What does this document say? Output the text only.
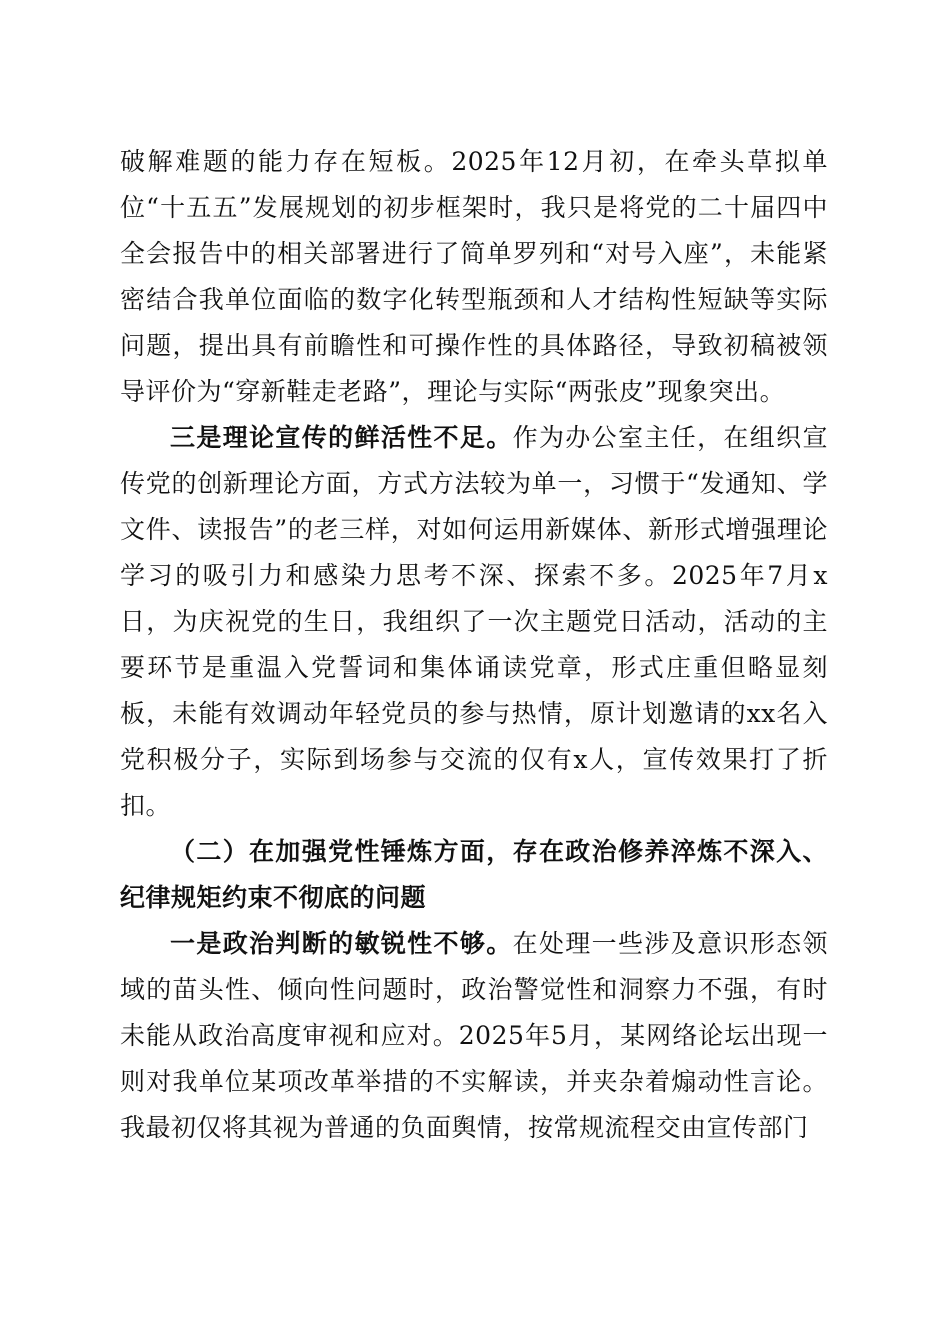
破解难题的能力存在短板。2025年12月初，在牵头草拟单位“十五五”发展规划的初步框架时，我只是将党的二十届四中全会报告中的相关部署进行了简单罗列和“对号入座”，未能紧密结合我单位面临的数字化转型瓶颈和人才结构性短缺等实际问题，提出具有前瞻性和可操作性的具体路径，导致初稿被领导评价为“穿新鞋走老路”，理论与实际“两张皮”现象突出。

三是理论宣传的鲜活性不足。作为办公室主任，在组织宣传党的创新理论方面，方式方法较为单一，习惯于“发通知、学文件、读报告”的老三样，对如何运用新媒体、新形式增强理论学习的吸引力和感染力思考不深、探索不多。2025年7月x日，为庆祝党的生日，我组织了一次主题党日活动，活动的主要环节是重温入党誓词和集体诵读党章，形式庄重但略显刻板，未能有效调动年轻党员的参与热情，原计划邀请的xx名入党积极分子，实际到场参与交流的仅有x人，宣传效果打了折扣。

（二）在加强党性锤炼方面，存在政治修养淬炼不深入、纪律规矩约束不彻底的问题

一是政治判断的敏锐性不够。在处理一些涉及意识形态领域的苗头性、倾向性问题时，政治警觉性和洞察力不强，有时未能从政治高度审视和应对。2025年5月，某网络论坛出现一则对我单位某项改革举措的不实解读，并夹杂着煽动性言论。我最初仅将其视为普通的负面舆情，按常规流程交由宣传部门
